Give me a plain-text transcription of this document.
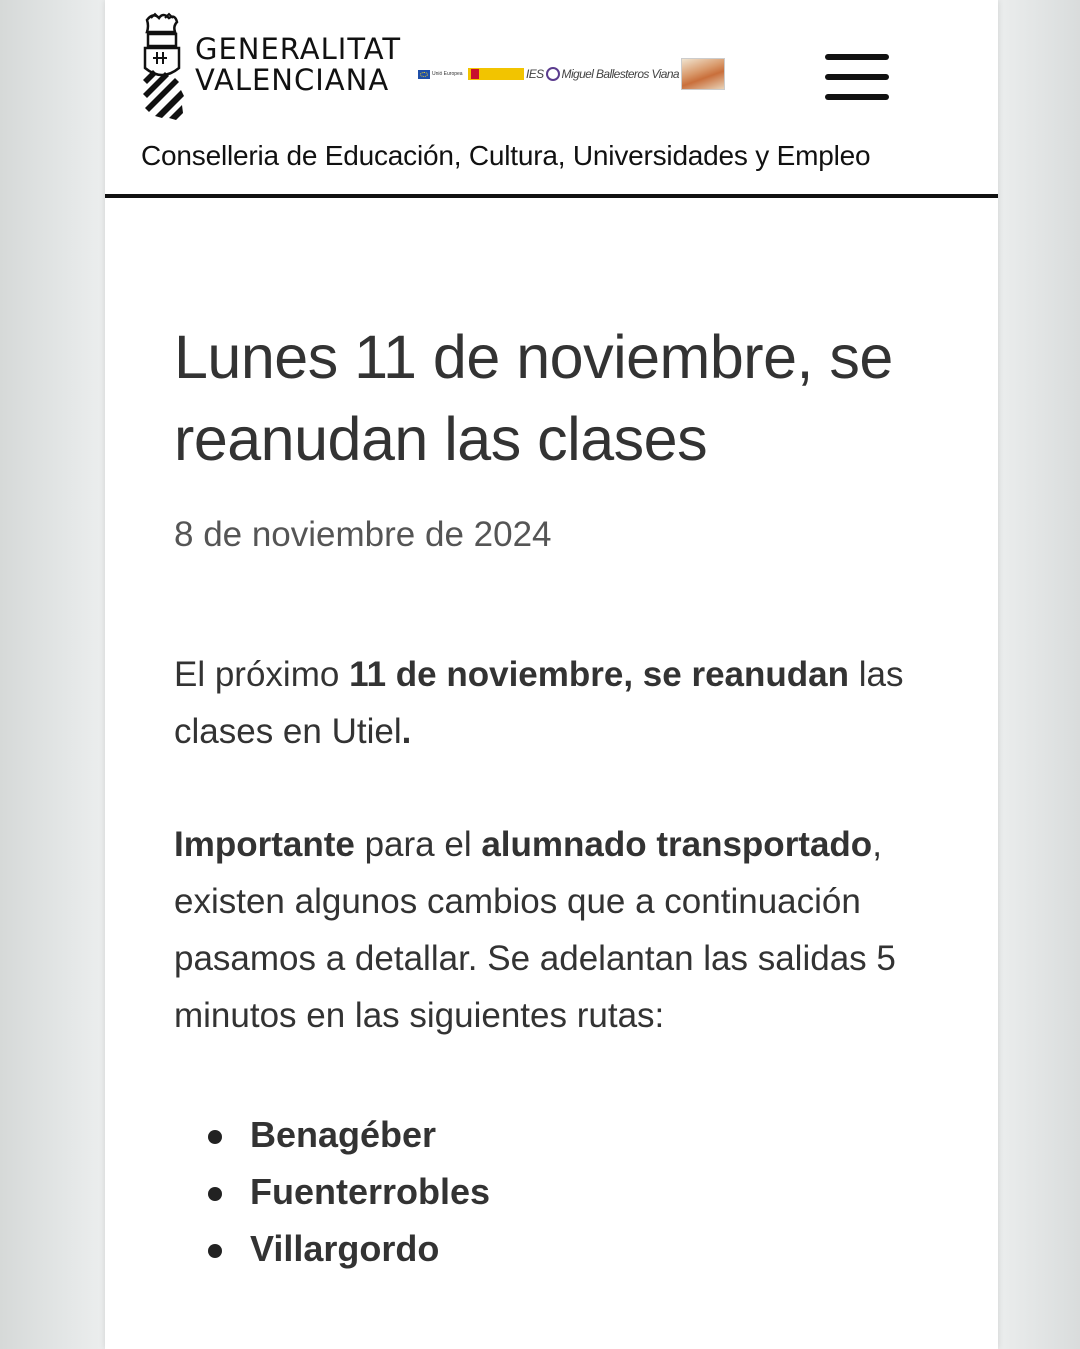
GENERALITAT
VALENCIANA	Unió Europea	IES Miguel Ballesteros Viana
Conselleria de Educación, Cultura, Universidades y Empleo
Lunes 11 de noviembre, se reanudan las clases
8 de noviembre de 2024

El próximo 11 de noviembre, se reanudan las clases en Utiel.

Importante para el alumnado transportado, existen algunos cambios que a continuación pasamos a detallar. Se adelantan las salidas 5 minutos en las siguientes rutas:

Benagéber
Fuenterrobles
Villargordo
